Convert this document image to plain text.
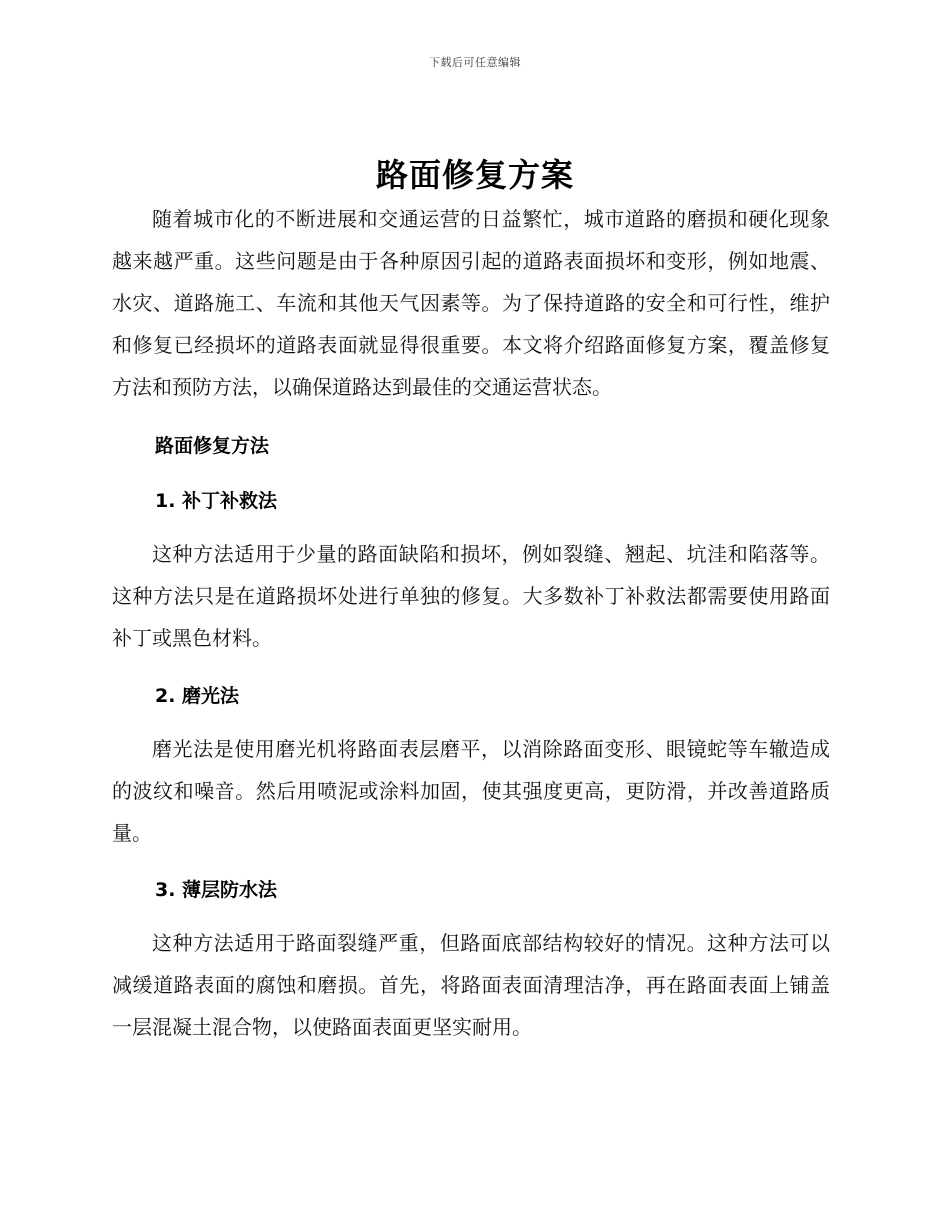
下载后可任意编辑
路面修复方案

随着城市化的不断进展和交通运营的日益繁忙，城市道路的磨损和硬化现象越来越严重。这些问题是由于各种原因引起的道路表面损坏和变形，例如地震、水灾、道路施工、车流和其他天气因素等。为了保持道路的安全和可行性，维护和修复已经损坏的道路表面就显得很重要。本文将介绍路面修复方案，覆盖修复方法和预防方法，以确保道路达到最佳的交通运营状态。

路面修复方法
1. 补丁补救法

这种方法适用于少量的路面缺陷和损坏，例如裂缝、翘起、坑洼和陷落等。这种方法只是在道路损坏处进行单独的修复。大多数补丁补救法都需要使用路面补丁或黑色材料。

2. 磨光法

磨光法是使用磨光机将路面表层磨平，以消除路面变形、眼镜蛇等车辙造成的波纹和噪音。然后用喷泥或涂料加固，使其强度更高，更防滑，并改善道路质量。

3. 薄层防水法

这种方法适用于路面裂缝严重，但路面底部结构较好的情况。这种方法可以减缓道路表面的腐蚀和磨损。首先，将路面表面清理洁净，再在路面表面上铺盖一层混凝土混合物，以使路面表面更坚实耐用。
